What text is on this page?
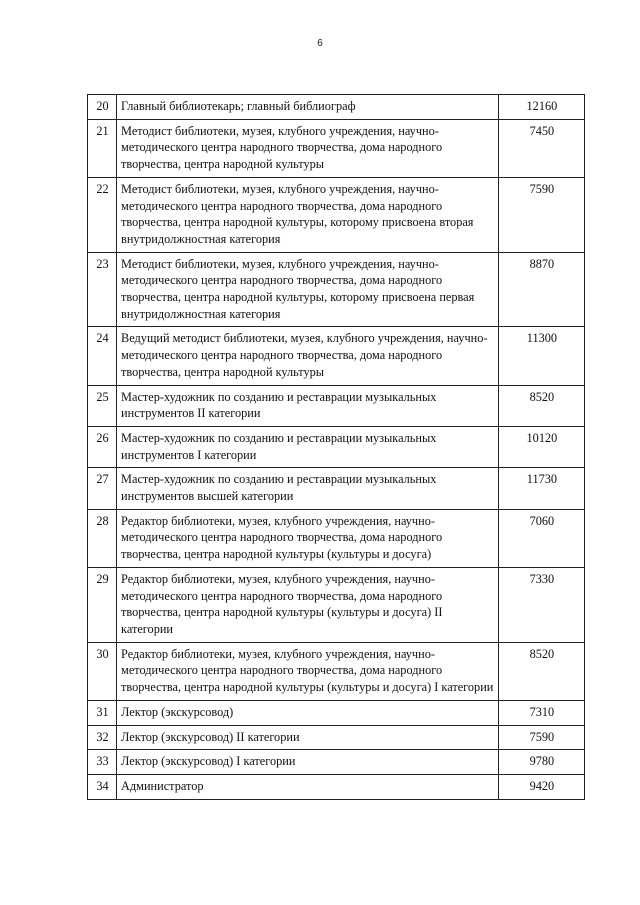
6
20	Главный библиотекарь; главный библиограф	12160
21	Методист библиотеки, музея, клубного учреждения, научно-методического центра народного творчества, дома народного творчества, центра народной культуры	7450
22	Методист библиотеки, музея, клубного учреждения, научно-методического центра народного творчества, дома народного творчества, центра народной культуры, которому присвоена вторая внутридолжностная категория	7590
23	Методист библиотеки, музея, клубного учреждения, научно-методического центра народного творчества, дома народного творчества, центра народной культуры, которому присвоена первая внутридолжностная категория	8870
24	Ведущий методист библиотеки, музея, клубного учреждения, научно-методического центра народного творчества, дома народного творчества, центра народной культуры	11300
25	Мастер-художник по созданию и реставрации музыкальных инструментов II категории	8520
26	Мастер-художник по созданию и реставрации музыкальных инструментов I категории	10120
27	Мастер-художник по созданию и реставрации музыкальных инструментов высшей категории	11730
28	Редактор библиотеки, музея, клубного учреждения, научно-методического центра народного творчества, дома народного творчества, центра народной культуры (культуры и досуга)	7060
29	Редактор библиотеки, музея, клубного учреждения, научно-методического центра народного творчества, дома народного творчества, центра народной культуры (культуры и досуга) II категории	7330
30	Редактор библиотеки, музея, клубного учреждения, научно-методического центра народного творчества, дома народного творчества, центра народной культуры (культуры и досуга) I категории	8520
31	Лектор (экскурсовод)	7310
32	Лектор (экскурсовод) II категории	7590
33	Лектор (экскурсовод) I категории	9780
34	Администратор	9420
